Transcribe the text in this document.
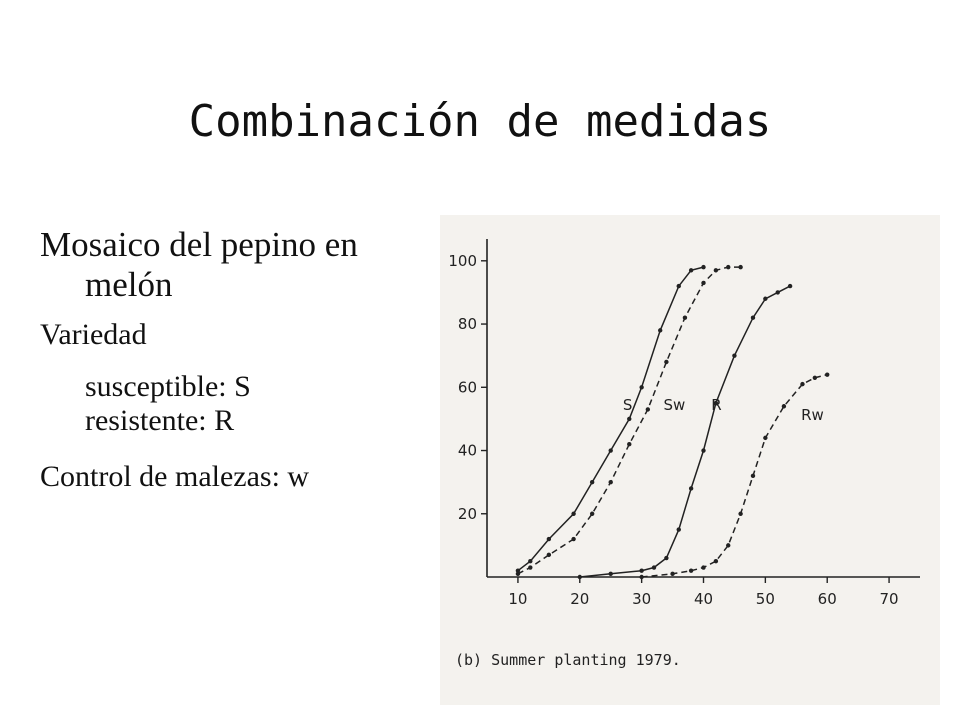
Combinación de medidas

Mosaico del pepino en melón

Variedad

susceptible: S
resistente: R

Control de malezas: w

10	20	30	40	50	60	70
20
40
60
80
100
S Sw R
Rw
(b) Summer planting 1979.
